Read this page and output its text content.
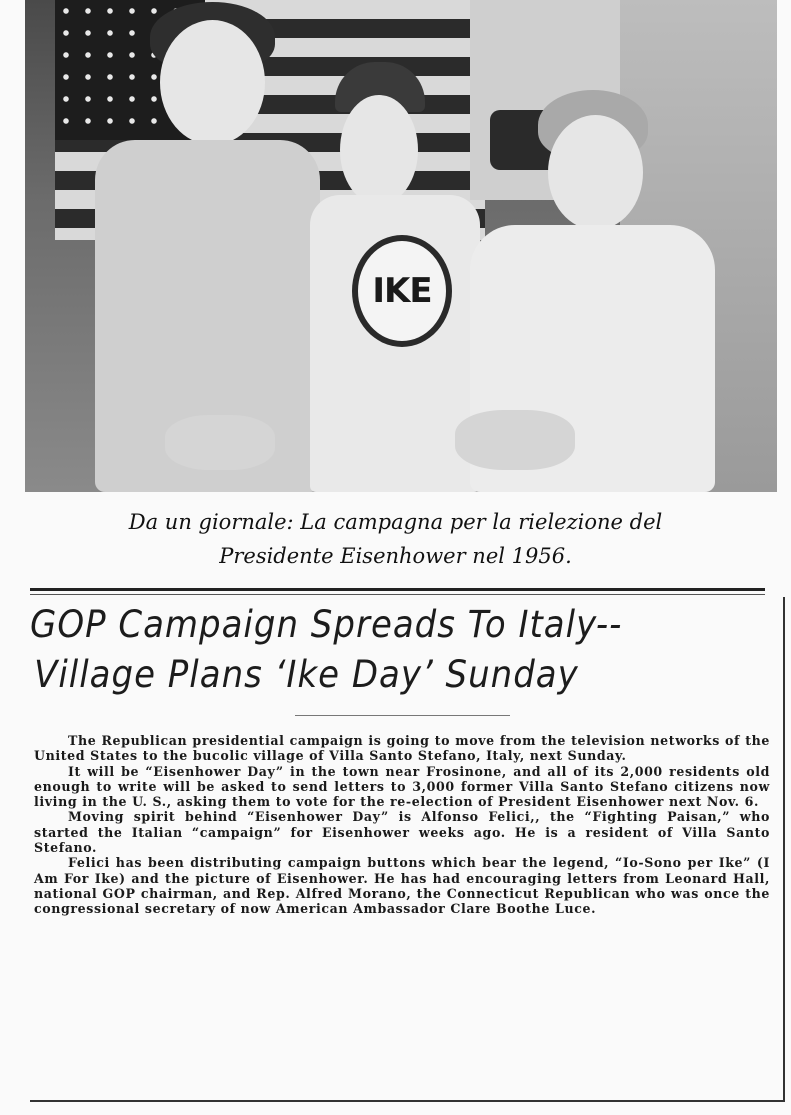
IKE
Da un giornale: La campagna per la rielezione del
Presidente Eisenhower nel 1956.
GOP Campaign Spreads To Italy--
Village Plans ‘Ike Day’ Sunday

The Republican presidential campaign is going to move from the television networks of the United States to the bucolic village of Villa Santo Stefano, Italy, next Sunday.

It will be “Eisenhower Day” in the town near Frosinone, and all of its 2,000 residents old enough to write will be asked to send letters to 3,000 former Villa Santo Stefano citizens now living in the U. S., asking them to vote for the re-election of President Eisenhower next Nov. 6.

Moving spirit behind “Eisenhower Day” is Alfonso Felici,, the “Fighting Paisan,” who started the Italian “campaign” for Eisenhower weeks ago. He is a resident of Villa Santo Stefano.

Felici has been distributing campaign buttons which bear the legend, “Io-Sono per Ike” (I Am For Ike) and the picture of Eisenhower. He has had encouraging letters from Leonard Hall, national GOP chairman, and Rep. Alfred Morano, the Connecticut Republican who was once the congressional secretary of now American Ambassador Clare Boothe Luce.
